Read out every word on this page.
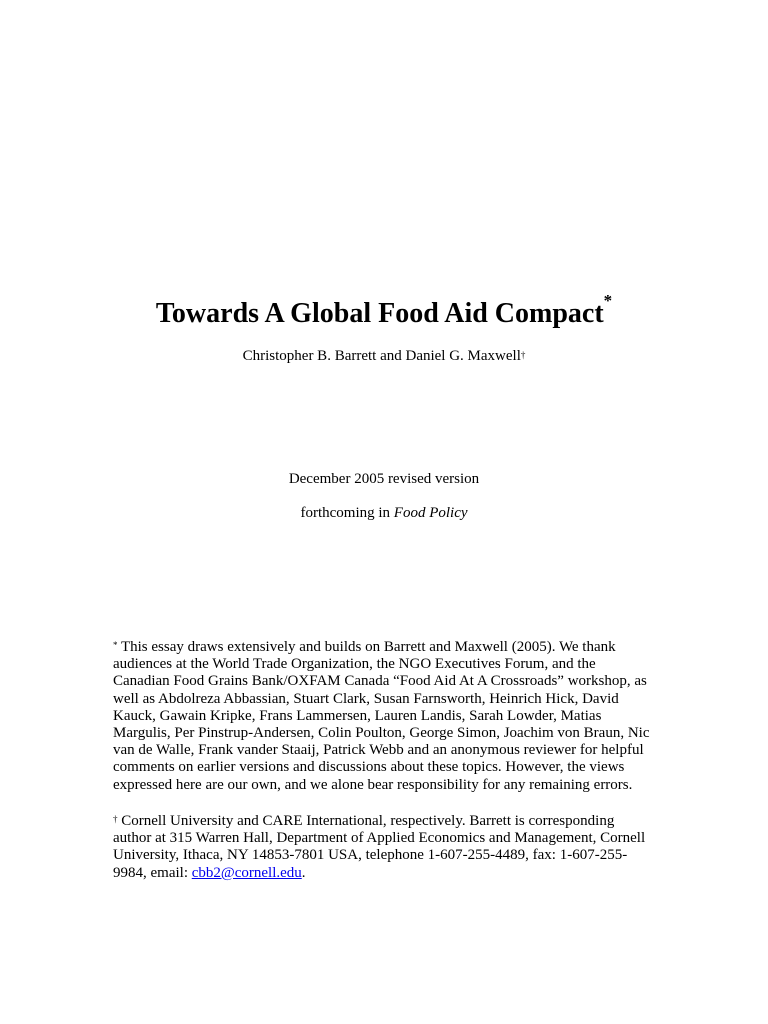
Towards A Global Food Aid Compact*
Christopher B. Barrett and Daniel G. Maxwell†
December 2005 revised version
forthcoming in Food Policy
* This essay draws extensively and builds on Barrett and Maxwell (2005). We thank
audiences at the World Trade Organization, the NGO Executives Forum, and the
Canadian Food Grains Bank/OXFAM Canada “Food Aid At A Crossroads” workshop, as
well as Abdolreza Abbassian, Stuart Clark, Susan Farnsworth, Heinrich Hick, David
Kauck, Gawain Kripke, Frans Lammersen, Lauren Landis, Sarah Lowder, Matias
Margulis, Per Pinstrup-Andersen, Colin Poulton, George Simon, Joachim von Braun, Nic
van de Walle, Frank vander Staaij, Patrick Webb and an anonymous reviewer for helpful
comments on earlier versions and discussions about these topics. However, the views
expressed here are our own, and we alone bear responsibility for any remaining errors.
† Cornell University and CARE International, respectively. Barrett is corresponding
author at 315 Warren Hall, Department of Applied Economics and Management, Cornell
University, Ithaca, NY 14853-7801 USA, telephone 1-607-255-4489, fax: 1-607-255-
9984, email: cbb2@cornell.edu.
